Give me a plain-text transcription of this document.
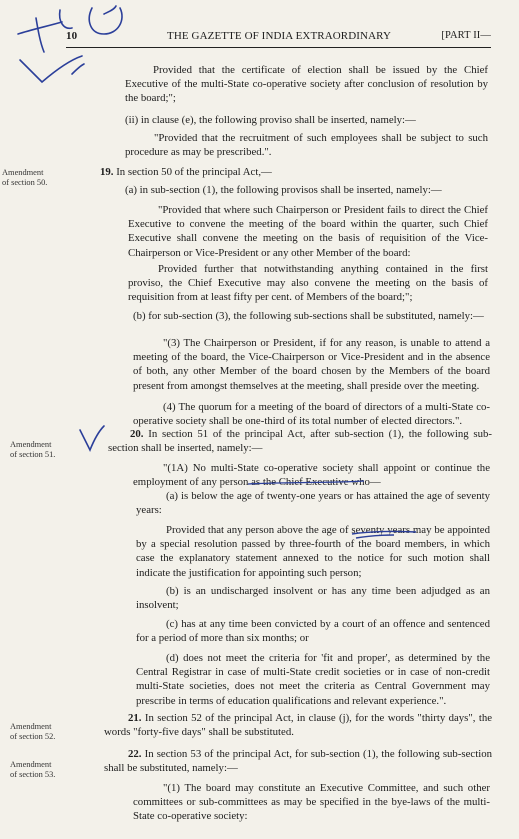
10	THE GAZETTE OF INDIA EXTRAORDINARY	[PART II—
Amendment
of section 50.
Amendment
of section 51.
Amendment
of section 52.
Amendment
of section 53.
Provided that the certificate of election shall be issued by the Chief Executive of the multi-State co-operative society after conclusion of resolution by the board;";
(ii) in clause (e), the following proviso shall be inserted, namely:—
"Provided that the recruitment of such employees shall be subject to such procedure as may be prescribed.".
19. In section 50 of the principal Act,—
(a) in sub-section (1), the following provisos shall be inserted, namely:—
"Provided that where such Chairperson or President fails to direct the Chief Executive to convene the meeting of the board within the quarter, such Chief Executive shall convene the meeting on the basis of requisition of the Vice-Chairperson or Vice-President or any other Member of the board:
Provided further that notwithstanding anything contained in the first proviso, the Chief Executive may also convene the meeting on the basis of requisition from at least fifty per cent. of Members of the board;";
(b) for sub-section (3), the following sub-sections shall be substituted, namely:—
"(3) The Chairperson or President, if for any reason, is unable to attend a meeting of the board, the Vice-Chairperson or Vice-President and in the absence of both, any other Member of the board chosen by the Members of the board present from amongst themselves at the meeting, shall preside over the meeting.
(4) The quorum for a meeting of the board of directors of a multi-State co-operative society shall be one-third of its total number of elected directors.".
20. In section 51 of the principal Act, after sub-section (1), the following sub-section shall be inserted, namely:—
"(1A) No multi-State co-operative society shall appoint or continue the employment of any person as the Chief Executive who—
(a) is below the age of twenty-one years or has attained the age of seventy years:
Provided that any person above the age of seventy years may be appointed by a special resolution passed by three-fourth of the board members, in which case the explanatory statement annexed to the notice for such motion shall indicate the justification for appointing such person;
(b) is an undischarged insolvent or has any time been adjudged as an insolvent;
(c) has at any time been convicted by a court of an offence and sentenced for a period of more than six months; or
(d) does not meet the criteria for 'fit and proper', as determined by the Central Registrar in case of multi-State credit societies or in case of non-credit multi-State societies, does not meet the criteria as Central Government may prescribe in terms of education qualifications and relevant experience.".
21. In section 52 of the principal Act, in clause (j), for the words "thirty days", the words "forty-five days" shall be substituted.
22. In section 53 of the principal Act, for sub-section (1), the following sub-section shall be substituted, namely:—
"(1) The board may constitute an Executive Committee, and such other committees or sub-committees as may be specified in the bye-laws of the multi-State co-operative society:
